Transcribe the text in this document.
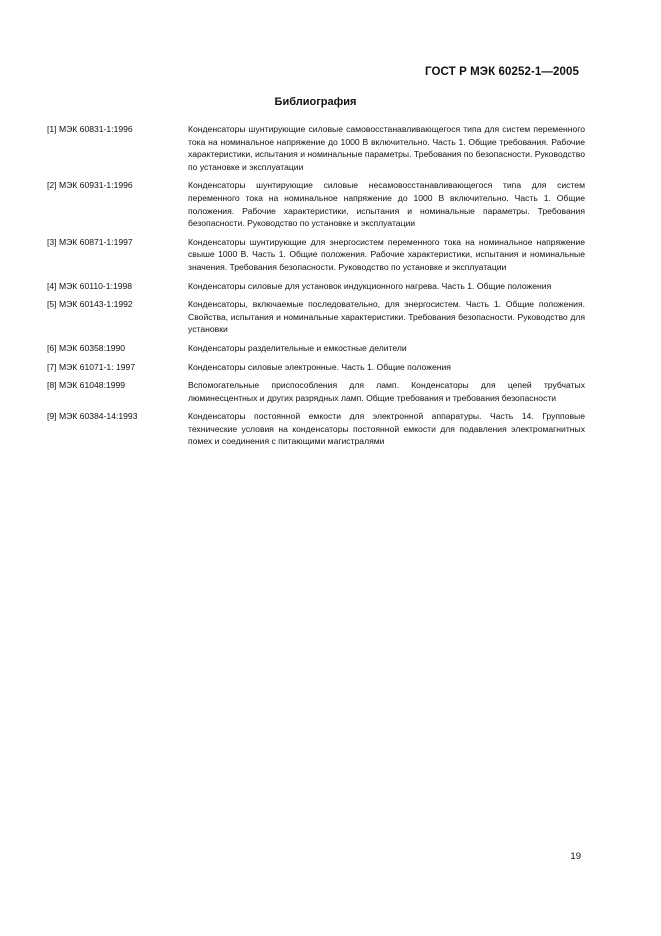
ГОСТ Р МЭК 60252-1—2005
Библиография
[1] МЭК 60831-1:1996	Конденсаторы шунтирующие силовые самовосстанавливающегося типа для систем переменного тока на номинальное напряжение до 1000 В включительно. Часть 1. Общие требования. Рабочие характеристики, испытания и номинальные параметры. Требования по безопасности. Руководство по установке и эксплуатации
[2] МЭК 60931-1:1996	Конденсаторы шунтирующие силовые несамовосстанавливающегося типа для систем переменного тока на номинальное напряжение до 1000 В включительно. Часть 1. Общие положения. Рабочие характеристики, испытания и номинальные параметры. Требования безопасности. Руководство по установке и эксплуатации
[3] МЭК 60871-1:1997	Конденсаторы шунтирующие для энергосистем переменного тока на номинальное напряжение свыше 1000 В. Часть 1. Общие положения. Рабочие характеристики, испытания и номинальные значения. Требования безопасности. Руководство по установке и эксплуатации
[4] МЭК 60110-1:1998	Конденсаторы силовые для установок индукционного нагрева. Часть 1. Общие положения
[5] МЭК 60143-1:1992	Конденсаторы, включаемые последовательно, для энергосистем. Часть 1. Общие положения. Свойства, испытания и номинальные характеристики. Требования безопасности. Руководство для установки
[6] МЭК 60358:1990	Конденсаторы разделительные и емкостные делители
[7] МЭК 61071-1: 1997	Конденсаторы силовые электронные. Часть 1. Общие положения
[8] МЭК 61048:1999	Вспомогательные приспособления для ламп. Конденсаторы для цепей трубчатых люминесцентных и других разрядных ламп. Общие требования и требования безопасности
[9] МЭК 60384-14:1993	Конденсаторы постоянной емкости для электронной аппаратуры. Часть 14. Групповые технические условия на конденсаторы постоянной емкости для подавления электромагнитных помех и соединения с питающими магистралями
19
